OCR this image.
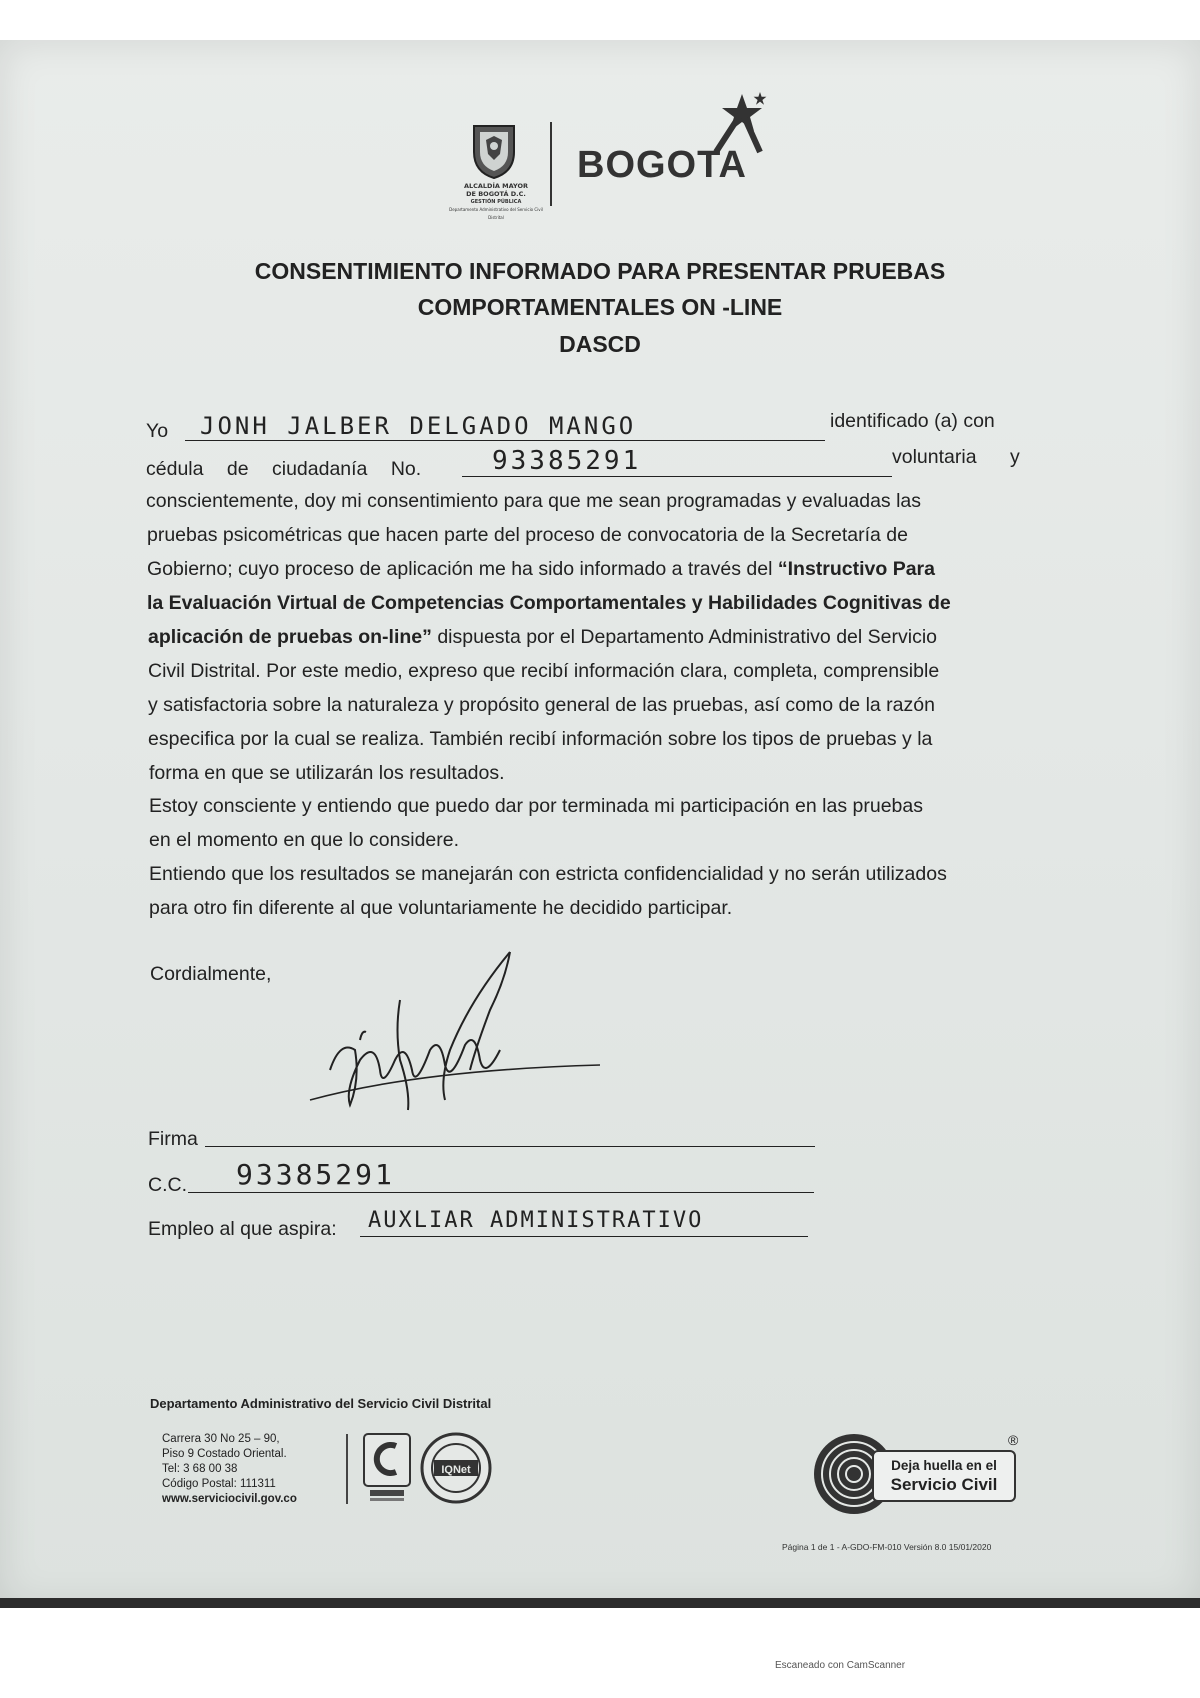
ALCALDÍA MAYOR
DE BOGOTÁ D.C.
GESTIÓN PÚBLICA
Departamento Administrativo del Servicio Civil Distrital
BOGOTA
CONSENTIMIENTO INFORMADO PARA PRESENTAR PRUEBAS
COMPORTAMENTALES ON -LINE
DASCD
Yo JONH JALBER DELGADO MANGO	identificado (a) con
cédula de ciudadanía No.	93385291	voluntaria y
conscientemente, doy mi consentimiento para que me sean programadas y evaluadas las
pruebas psicométricas que hacen parte del proceso de convocatoria de la Secretaría de
Gobierno; cuyo proceso de aplicación me ha sido informado a través del “Instructivo Para
la Evaluación Virtual de Competencias Comportamentales y Habilidades Cognitivas de
aplicación de pruebas on-line” dispuesta por el Departamento Administrativo del Servicio
Civil Distrital. Por este medio, expreso que recibí información clara, completa, comprensible
y satisfactoria sobre la naturaleza y propósito general de las pruebas, así como de la razón
especifica por la cual se realiza. También recibí información sobre los tipos de pruebas y la
forma en que se utilizarán los resultados.
Estoy consciente y entiendo que puedo dar por terminada mi participación en las pruebas
en el momento en que lo considere.
Entiendo que los resultados se manejarán con estricta confidencialidad y no serán utilizados
para otro fin diferente al que voluntariamente he decidido participar.
Cordialmente,
Firma
C.C. 93385291
Empleo al que aspira: AUXLIAR ADMINISTRATIVO
Departamento Administrativo del Servicio Civil Distrital
Carrera 30 No 25 – 90,
Piso 9 Costado Oriental.
Tel: 3 68 00 38
Código Postal: 111311
www.serviciocivil.gov.co
IQNet	Deja huella en el
Servicio Civil
®
Página 1 de 1 - A-GDO-FM-010 Versión 8.0 15/01/2020
Escaneado con CamScanner
